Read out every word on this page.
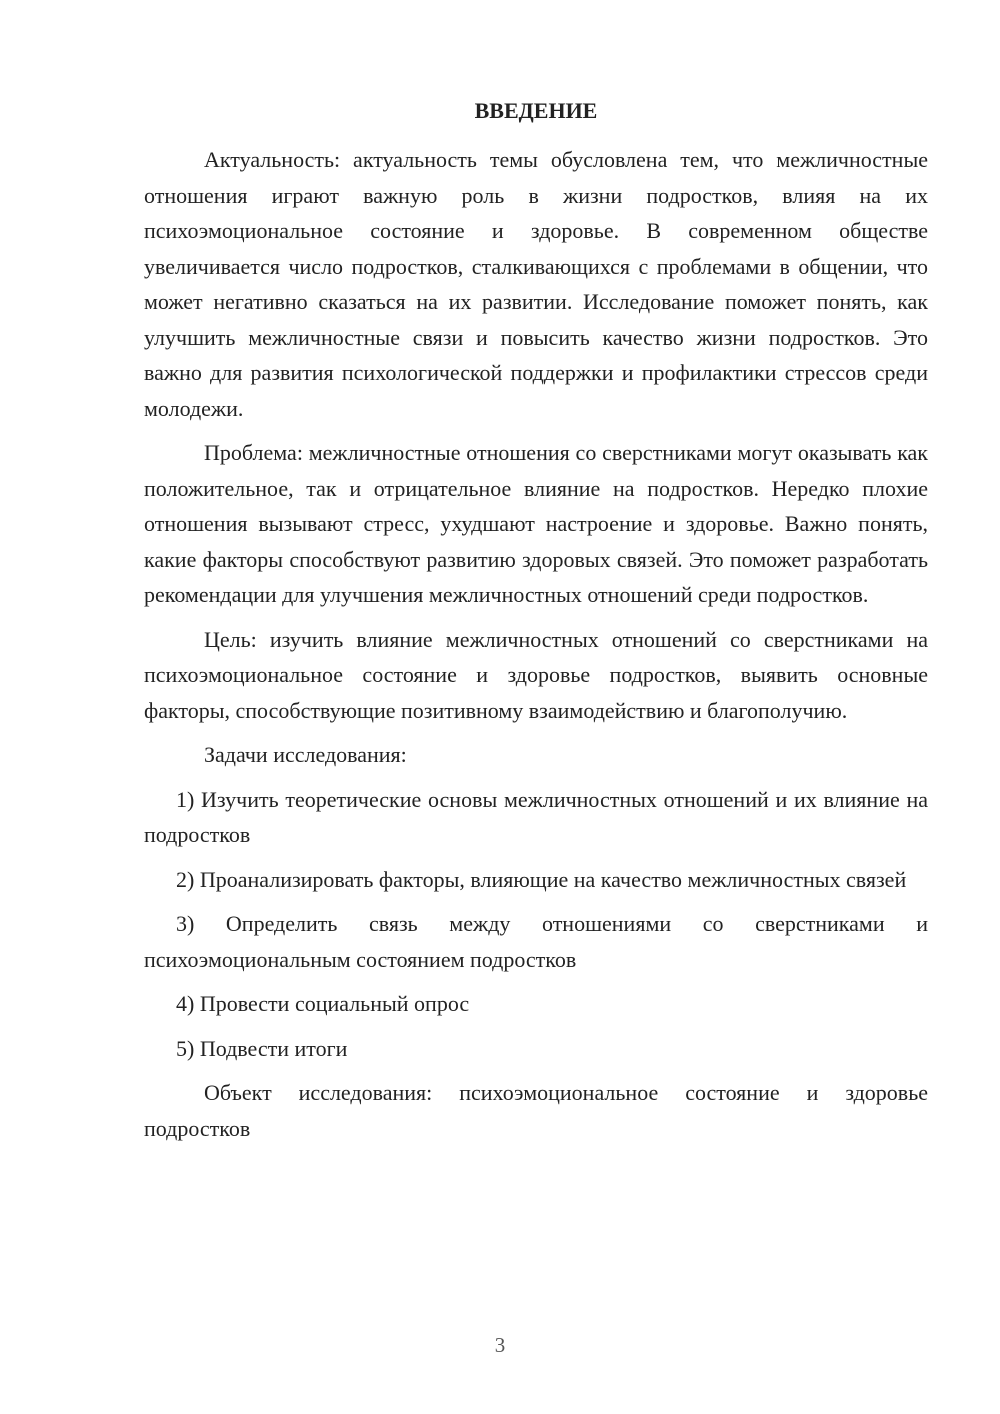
ВВЕДЕНИЕ

Актуальность: актуальность темы обусловлена тем, что межличностные отношения играют важную роль в жизни подростков, влияя на их психоэмоциональное состояние и здоровье. В современном обществе увеличивается число подростков, сталкивающихся с проблемами в общении, что может негативно сказаться на их развитии. Исследование поможет понять, как улучшить межличностные связи и повысить качество жизни подростков. Это важно для развития психологической поддержки и профилактики стрессов среди молодежи.

Проблема: межличностные отношения со сверстниками могут оказывать как положительное, так и отрицательное влияние на подростков. Нередко плохие отношения вызывают стресс, ухудшают настроение и здоровье. Важно понять, какие факторы способствуют развитию здоровых связей. Это поможет разработать рекомендации для улучшения межличностных отношений среди подростков.

Цель: изучить влияние межличностных отношений со сверстниками на психоэмоциональное состояние и здоровье подростков, выявить основные факторы, способствующие позитивному взаимодействию и благополучию.

Задачи исследования:

1) Изучить теоретические основы межличностных отношений и их влияние на подростков

2) Проанализировать факторы, влияющие на качество межличностных связей

3) Определить связь между отношениями со сверстниками и психоэмоциональным состоянием подростков

4) Провести социальный опрос

5) Подвести итоги

Объект исследования: психоэмоциональное состояние и здоровье подростков

3
